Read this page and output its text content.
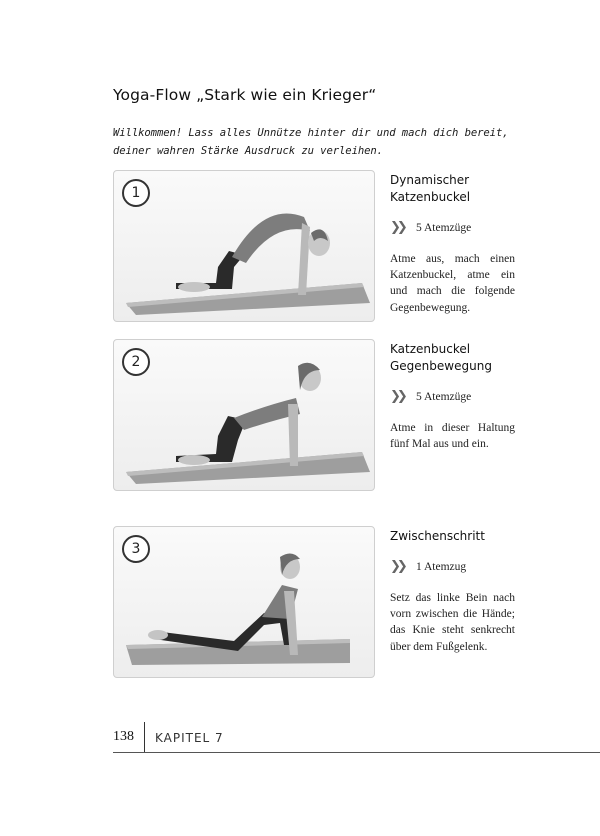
Yoga-Flow „Stark wie ein Krieger“
Willkommen! Lass alles Unnütze hinter dir und mach dich bereit, deiner wahren Stärke Ausdruck zu verleihen.
1
Dynamischer
Katzenbuckel
❯❯	5 Atemzüge
Atme aus, mach einen Katzenbuckel, atme ein und mach die folgende Gegenbewegung.
2
Katzenbuckel
Gegenbewegung
❯❯	5 Atemzüge
Atme in dieser Haltung fünf Mal aus und ein.
3
Zwischenschritt
❯❯	1 Atemzug
Setz das linke Bein nach vorn zwischen die Hände; das Knie steht senkrecht über dem Fußgelenk.
138 KAPITEL 7
